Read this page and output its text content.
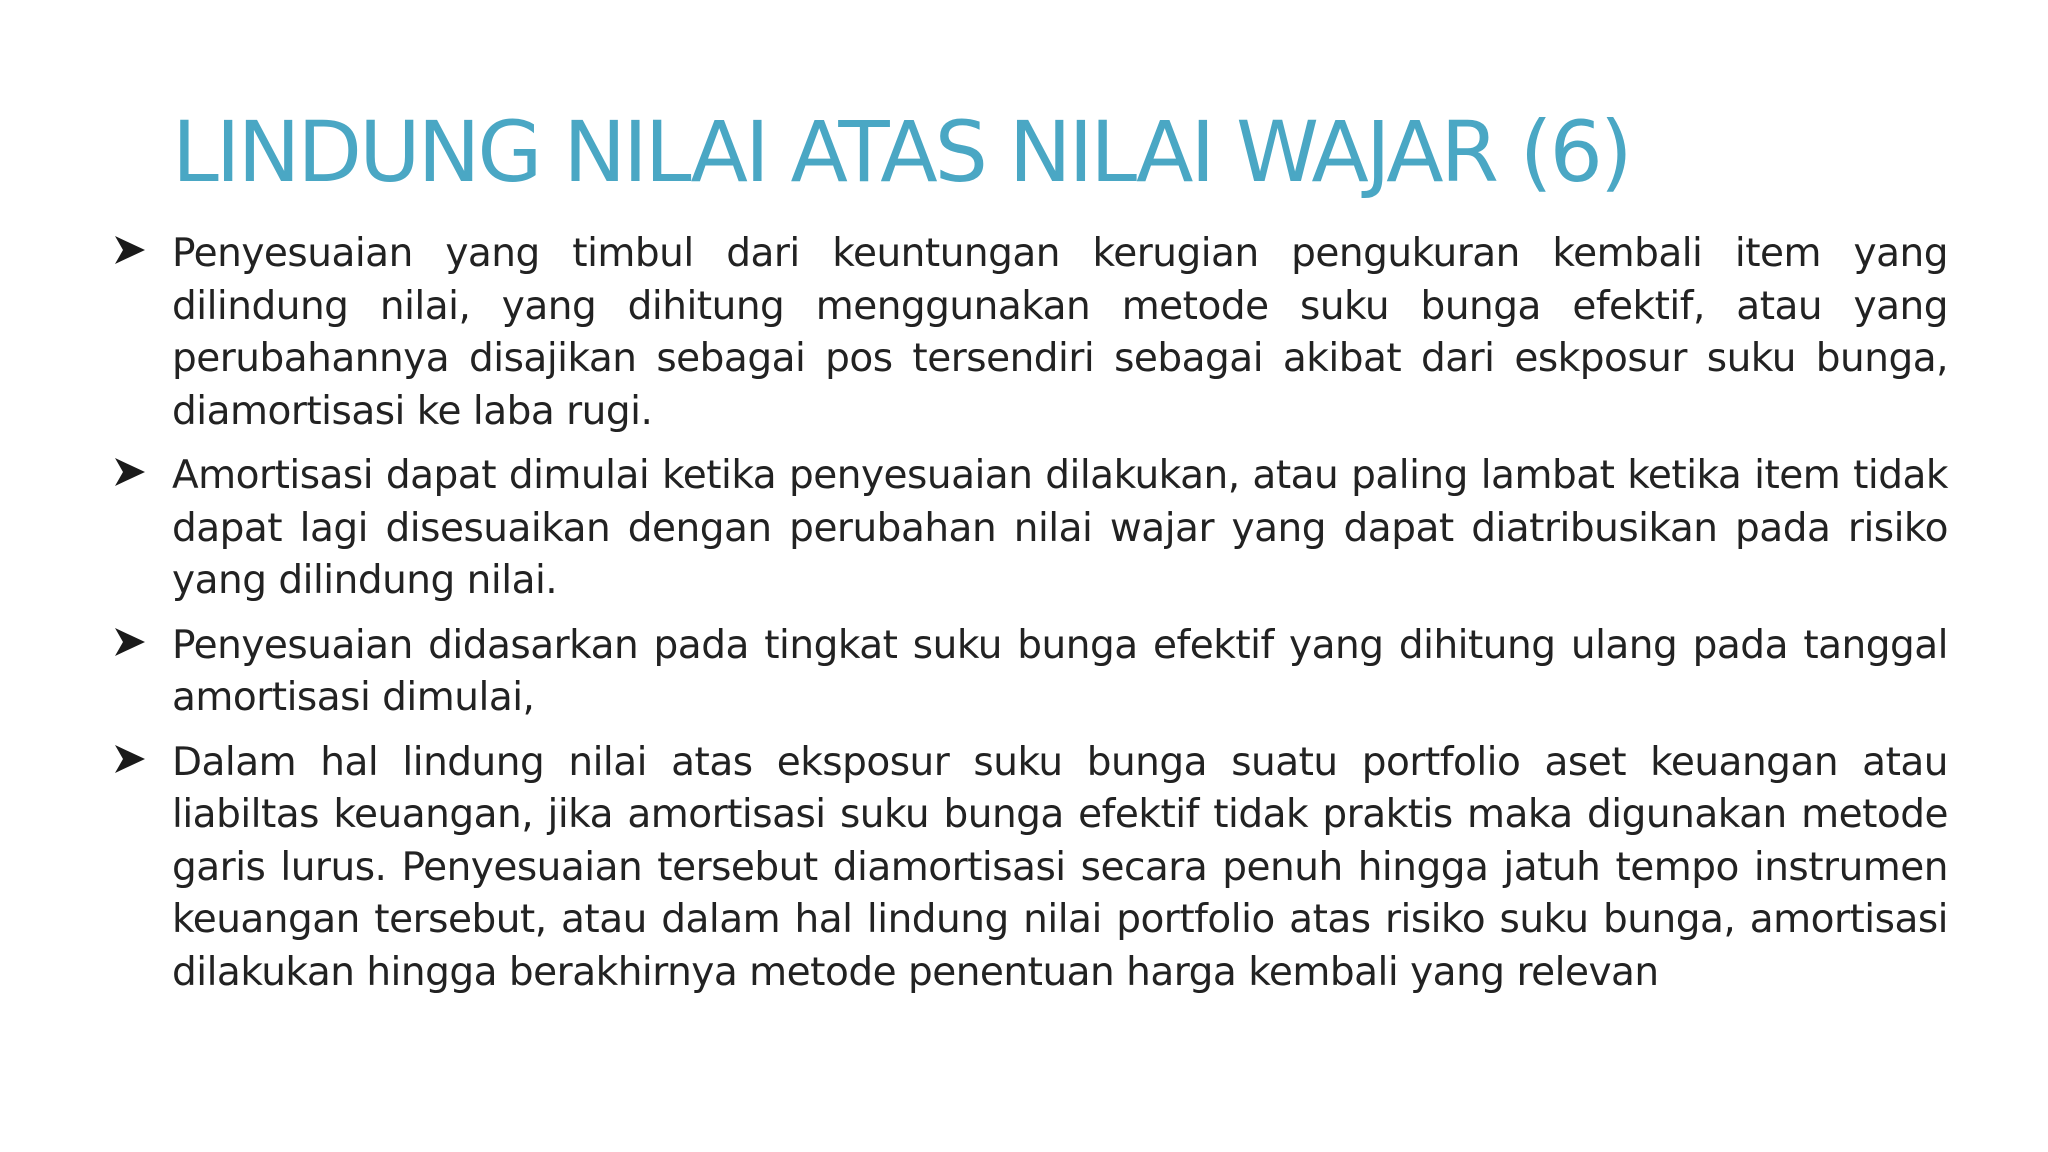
LINDUNG NILAI ATAS NILAI WAJAR (6)
Penyesuaian yang timbul dari keuntungan kerugian pengukuran kembali item yang dilindung nilai, yang dihitung menggunakan metode suku bunga efektif, atau yang perubahannya disajikan sebagai pos tersendiri sebagai akibat dari eskposur suku bunga, diamortisasi ke laba rugi.
Amortisasi dapat dimulai ketika penyesuaian dilakukan, atau paling lambat ketika item tidak dapat lagi disesuaikan dengan perubahan nilai wajar yang dapat diatribusikan pada risiko yang dilindung nilai.
Penyesuaian didasarkan pada tingkat suku bunga efektif yang dihitung ulang pada tanggal amortisasi dimulai,
Dalam hal lindung nilai atas eksposur suku bunga suatu portfolio aset keuangan atau liabiltas keuangan, jika amortisasi suku bunga efektif tidak praktis maka digunakan metode garis lurus. Penyesuaian tersebut diamortisasi secara penuh hingga jatuh tempo instrumen keuangan tersebut, atau dalam hal lindung nilai portfolio atas risiko suku bunga, amortisasi dilakukan hingga berakhirnya metode penentuan harga kembali yang relevan
